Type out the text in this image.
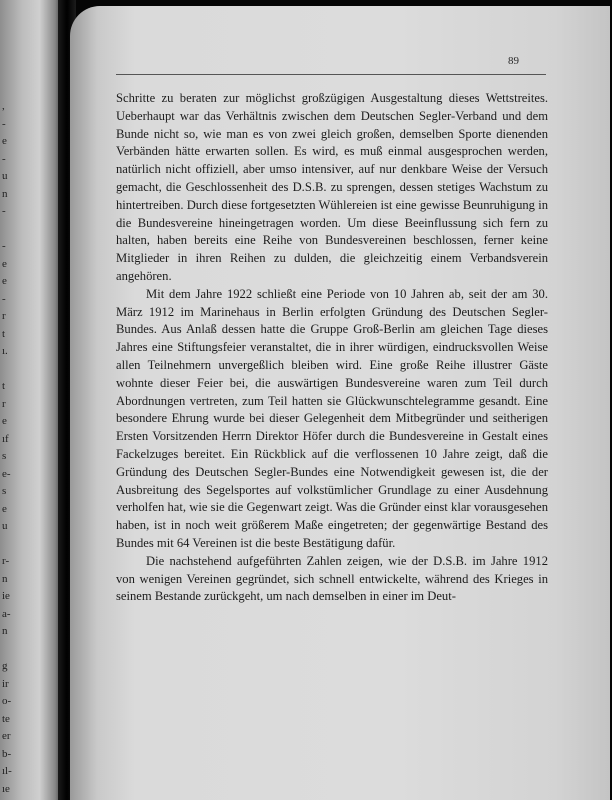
,
-
e
-
u
n
-
-
e
e
-
r
t
ı.
t
r
e
ıf
s
e-
s
e
u
r-
n
ie
a-
n
g
ir
o-
te
er
b-
ıl-
ıe
89

Schritte zu beraten zur möglichst großzügigen Ausgestaltung dieses Wettstreites. Ueberhaupt war das Verhältnis zwischen dem Deutschen Segler-Verband und dem Bunde nicht so, wie man es von zwei gleich großen, demselben Sporte dienenden Verbänden hätte erwarten sollen. Es wird, es muß einmal ausgesprochen werden, natürlich nicht offiziell, aber umso intensiver, auf nur denkbare Weise der Versuch gemacht, die Geschlossenheit des D.S.B. zu sprengen, dessen stetiges Wachstum zu hintertreiben. Durch diese fortgesetzten Wühlereien ist eine gewisse Beunruhigung in die Bundesvereine hineingetragen worden. Um diese Beeinflussung sich fern zu halten, haben bereits eine Reihe von Bundesvereinen beschlossen, ferner keine Mitglieder in ihren Reihen zu dulden, die gleichzeitig einem Verbandsverein angehören.

Mit dem Jahre 1922 schließt eine Periode von 10 Jahren ab, seit der am 30. März 1912 im Marinehaus in Berlin erfolgten Gründung des Deutschen Segler-Bundes. Aus Anlaß dessen hatte die Gruppe Groß-Berlin am gleichen Tage dieses Jahres eine Stiftungsfeier veranstaltet, die in ihrer würdigen, eindrucksvollen Weise allen Teilnehmern unvergeßlich bleiben wird. Eine große Reihe illustrer Gäste wohnte dieser Feier bei, die auswärtigen Bundesvereine waren zum Teil durch Abordnungen vertreten, zum Teil hatten sie Glückwunschtelegramme gesandt. Eine besondere Ehrung wurde bei dieser Gelegenheit dem Mitbegründer und seitherigen Ersten Vorsitzenden Herrn Direktor Höfer durch die Bundesvereine in Gestalt eines Fackelzuges bereitet. Ein Rückblick auf die verflossenen 10 Jahre zeigt, daß die Gründung des Deutschen Segler-Bundes eine Notwendigkeit gewesen ist, die der Ausbreitung des Segelsportes auf volkstümlicher Grundlage zu einer Ausdehnung verholfen hat, wie sie die Gegenwart zeigt. Was die Gründer einst klar vorausgesehen haben, ist in noch weit größerem Maße eingetreten; der gegenwärtige Bestand des Bundes mit 64 Vereinen ist die beste Bestätigung dafür.

Die nachstehend aufgeführten Zahlen zeigen, wie der D.S.B. im Jahre 1912 von wenigen Vereinen gegründet, sich schnell entwickelte, während des Krieges in seinem Bestande zurückgeht, um nach demselben in einer im Deut-
